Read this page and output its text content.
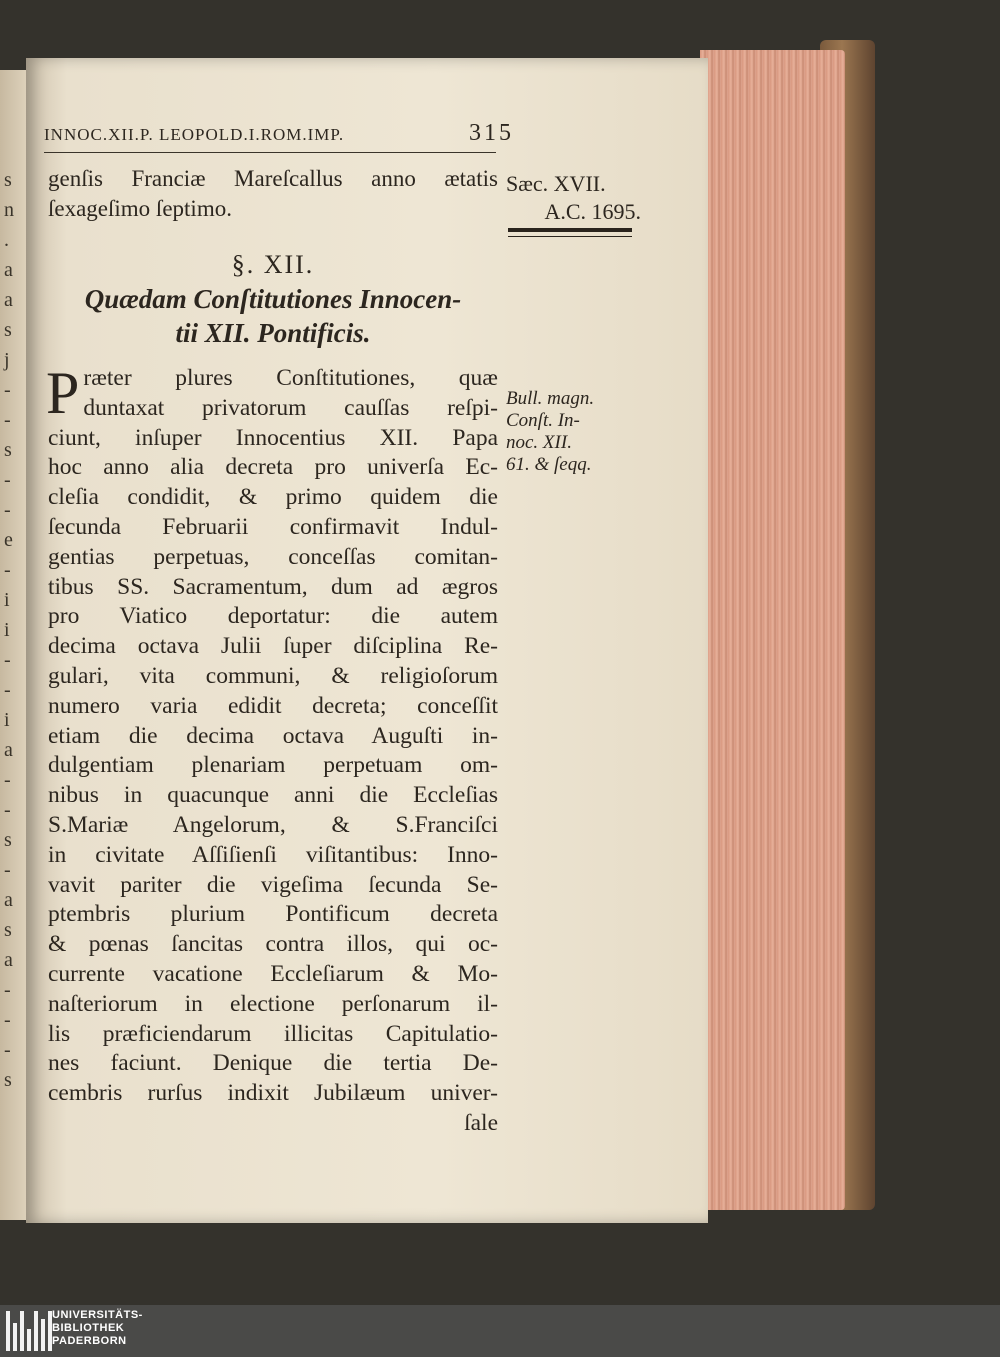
s
n
.
a
a
s
j
-
-
s
-
-
e
-
i
i
-
-
i
a
-
-
s
-
a
s
a
-
-
-
s
INNOC.XII.P. LEOPOLD.I.ROM.IMP.	315
genſis Franciæ Mareſcallus anno ætatis
ſexageſimo ſeptimo.
Sæc. XVII.
A.C. 1695.
§. XII.
Quædam Conſtitutiones Innocen-
tii XII. Pontificis.
Bull. magn.
Conſt. In-
noc. XII.
61. & ſeqq.
P ræter plures Conſtitutiones, quæ
duntaxat privatorum cauſſas reſpi-
ciunt, inſuper Innocentius XII. Papa
hoc anno alia decreta pro univerſa Ec-
cleſia condidit, & primo quidem die
ſecunda Februarii confirmavit Indul-
gentias perpetuas, conceſſas comitan-
tibus SS. Sacramentum, dum ad ægros
pro Viatico deportatur: die autem
decima octava Julii ſuper diſciplina Re-
gulari, vita communi, & religioſorum
numero varia edidit decreta; conceſſit
etiam die decima octava Auguſti in-
dulgentiam plenariam perpetuam om-
nibus in quacunque anni die Eccleſias
S.Mariæ Angelorum, & S.Franciſci
in civitate Aſſiſienſi viſitantibus: Inno-
vavit pariter die vigeſima ſecunda Se-
ptembris plurium Pontificum decreta
& pœnas ſancitas contra illos, qui oc-
currente vacatione Eccleſiarum & Mo-
naſteriorum in electione perſonarum il-
lis præficiendarum illicitas Capitulatio-
nes faciunt. Denique die tertia De-
cembris rurſus indixit Jubilæum univer-
ſale
UNIVERSITÄTS-
BIBLIOTHEK
PADERBORN
